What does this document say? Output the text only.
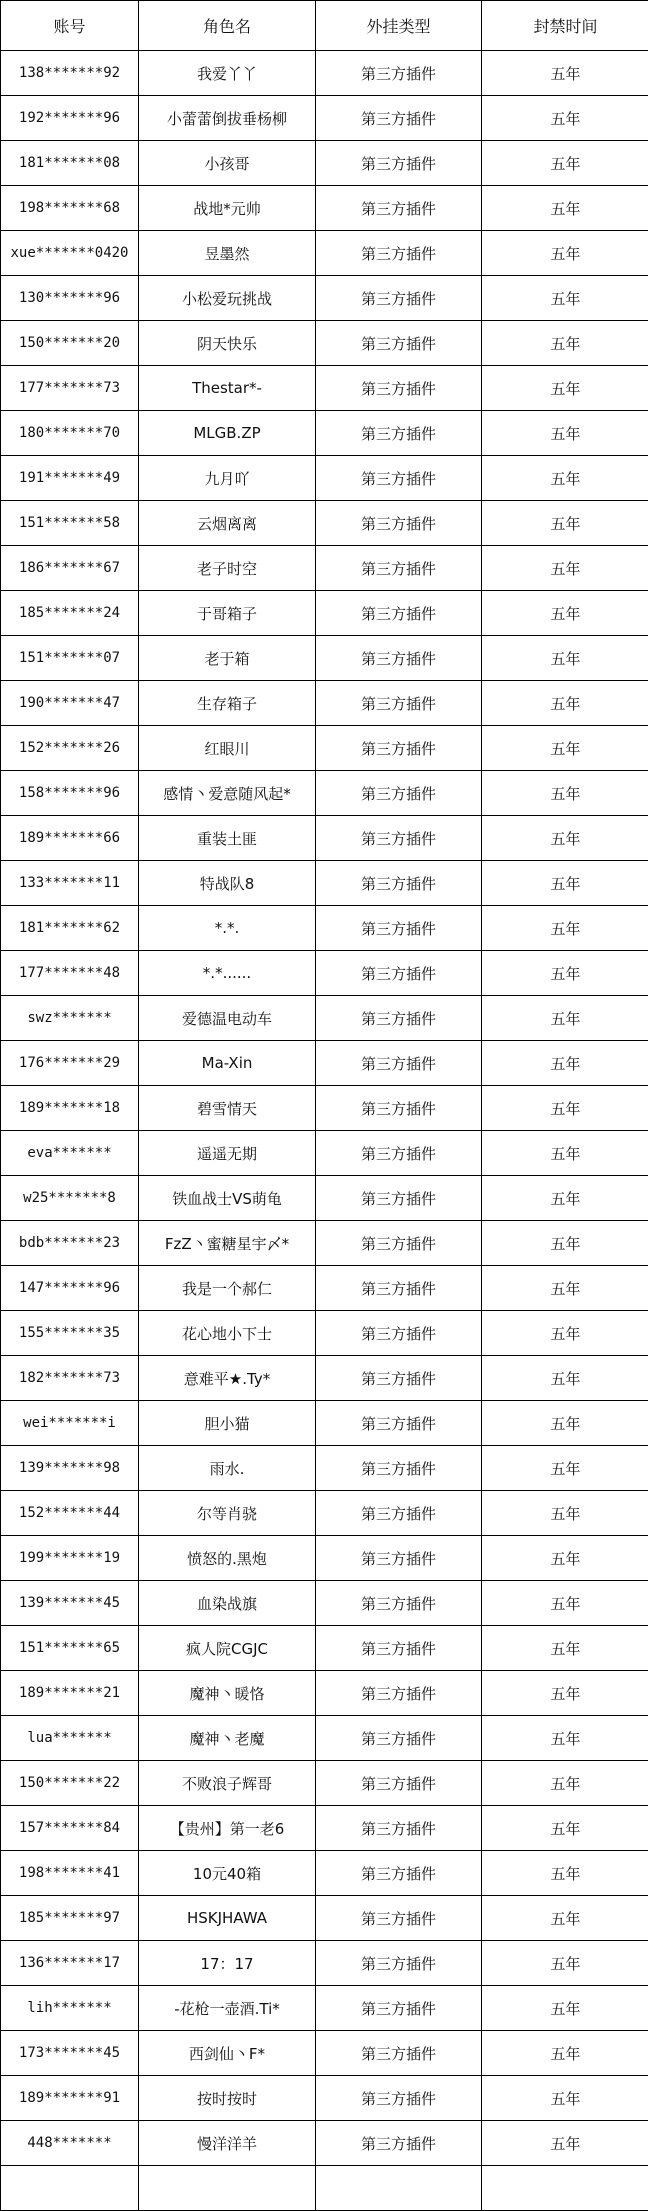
账号	角色名	外挂类型	封禁时间
138*******92	我爱丫丫	第三方插件	五年
192*******96	小蕾蕾倒拔垂杨柳	第三方插件	五年
181*******08	小孩哥	第三方插件	五年
198*******68	战地*元帅	第三方插件	五年
xue*******0420	昱墨然	第三方插件	五年
130*******96	小松爱玩挑战	第三方插件	五年
150*******20	阴天快乐	第三方插件	五年
177*******73	Thestar*-	第三方插件	五年
180*******70	MLGB.ZP	第三方插件	五年
191*******49	九月吖	第三方插件	五年
151*******58	云烟离离	第三方插件	五年
186*******67	老子时空	第三方插件	五年
185*******24	于哥箱子	第三方插件	五年
151*******07	老于箱	第三方插件	五年
190*******47	生存箱子	第三方插件	五年
152*******26	红眼川	第三方插件	五年
158*******96	感情丶爱意随风起*	第三方插件	五年
189*******66	重装土匪	第三方插件	五年
133*******11	特战队8	第三方插件	五年
181*******62	*.*.	第三方插件	五年
177*******48	*.*......	第三方插件	五年
swz*******	爱德温电动车	第三方插件	五年
176*******29	Ma-Xin	第三方插件	五年
189*******18	碧雪情天	第三方插件	五年
eva*******	遥遥无期	第三方插件	五年
w25*******8	铁血战士VS萌龟	第三方插件	五年
bdb*******23	FzZ丶蜜糖星宇〆*	第三方插件	五年
147*******96	我是一个郝仁	第三方插件	五年
155*******35	花心地小下士	第三方插件	五年
182*******73	意难平★.Ty*	第三方插件	五年
wei*******i	胆小猫	第三方插件	五年
139*******98	雨水.	第三方插件	五年
152*******44	尔等肖骁	第三方插件	五年
199*******19	愤怒的.黑炮	第三方插件	五年
139*******45	血染战旗	第三方插件	五年
151*******65	疯人院CGJC	第三方插件	五年
189*******21	魔神丶暖恪	第三方插件	五年
lua*******	魔神丶老魔	第三方插件	五年
150*******22	不败浪子辉哥	第三方插件	五年
157*******84	【贵州】第一老6	第三方插件	五年
198*******41	10元40箱	第三方插件	五年
185*******97	HSKJHAWA	第三方插件	五年
136*******17	17：17	第三方插件	五年
lih*******	-花枪一壶酒.Ti*	第三方插件	五年
173*******45	西剑仙丶F*	第三方插件	五年
189*******91	按时按时	第三方插件	五年
448*******	慢洋洋羊	第三方插件	五年
